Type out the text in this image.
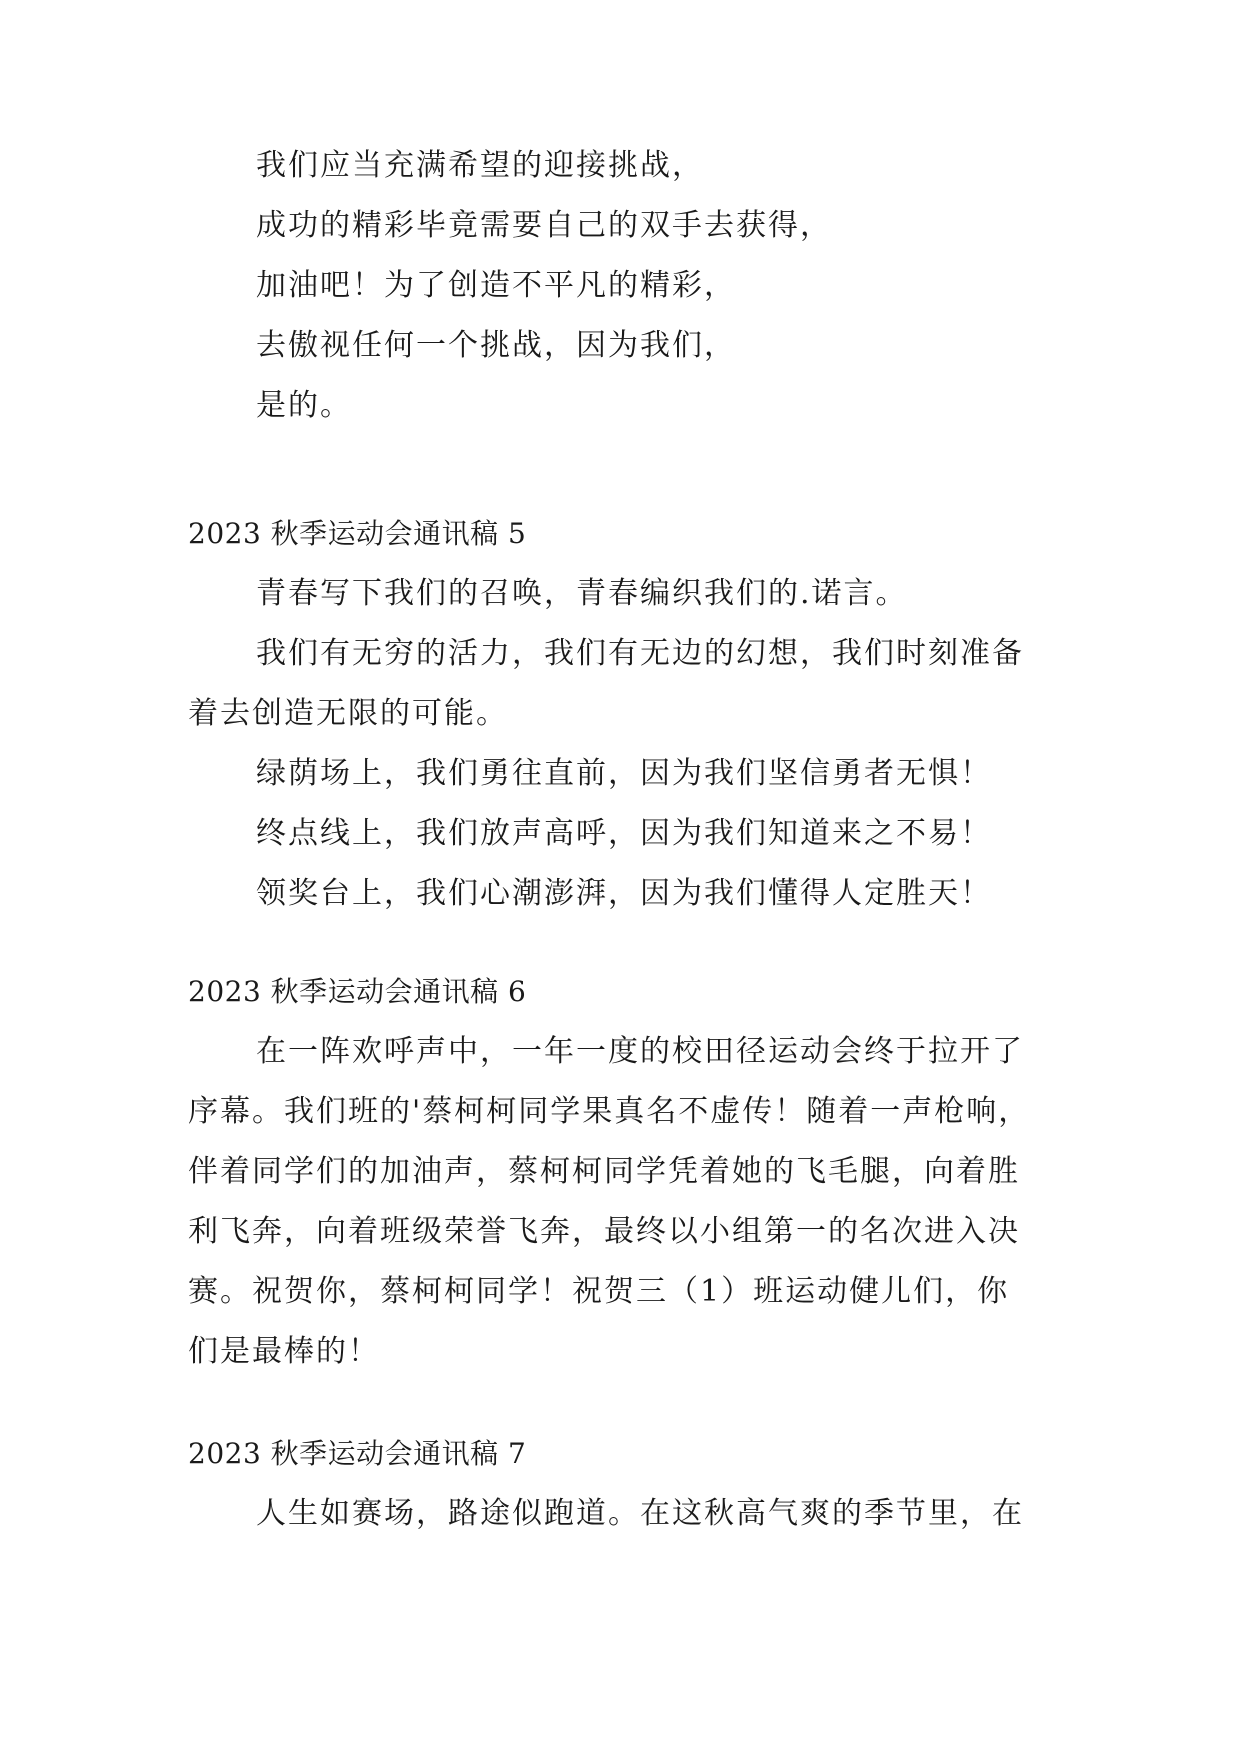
我们应当充满希望的迎接挑战，
成功的精彩毕竟需要自己的双手去获得，
加油吧！为了创造不平凡的精彩，
去傲视任何一个挑战，因为我们，
是的。
2023 秋季运动会通讯稿 5
青春写下我们的召唤，青春编织我们的.诺言。
我们有无穷的活力，我们有无边的幻想，我们时刻准备
着去创造无限的可能。
绿荫场上，我们勇往直前，因为我们坚信勇者无惧！
终点线上，我们放声高呼，因为我们知道来之不易！
领奖台上，我们心潮澎湃，因为我们懂得人定胜天！
2023 秋季运动会通讯稿 6
在一阵欢呼声中，一年一度的校田径运动会终于拉开了
序幕。我们班的'蔡柯柯同学果真名不虚传！随着一声枪响，
伴着同学们的加油声，蔡柯柯同学凭着她的飞毛腿，向着胜
利飞奔，向着班级荣誉飞奔，最终以小组第一的名次进入决
赛。祝贺你，蔡柯柯同学！祝贺三（1）班运动健儿们，你
们是最棒的！
2023 秋季运动会通讯稿 7
人生如赛场，路途似跑道。在这秋高气爽的季节里，在
